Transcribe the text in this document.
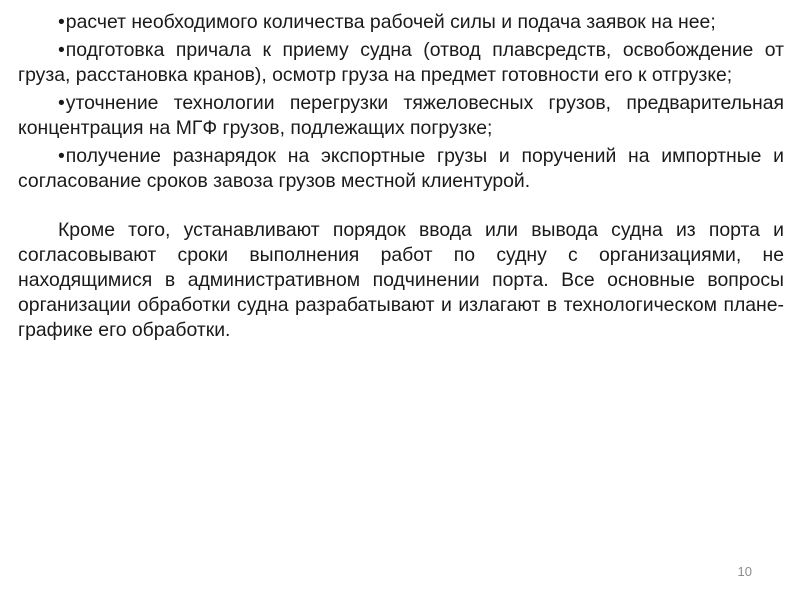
•расчет необходимого количества рабочей силы и подача заявок на нее;
•подготовка причала к приему судна (отвод плавсредств, освобождение от груза, расстановка кранов), осмотр груза на предмет готовности его к отгрузке;
•уточнение технологии перегрузки тяжеловесных грузов, предварительная концентрация на МГФ грузов, подлежащих погрузке;
•получение разнарядок на экспортные грузы и поручений на импортные и согласование сроков завоза грузов местной клиентурой.

Кроме того, устанавливают порядок ввода или вывода судна из порта и согласовывают сроки выполнения работ по судну с организациями, не находящимися в административном подчинении порта. Все основные вопросы организации обработки судна разрабатывают и излагают в технологическом плане-графике его обработки.

10
